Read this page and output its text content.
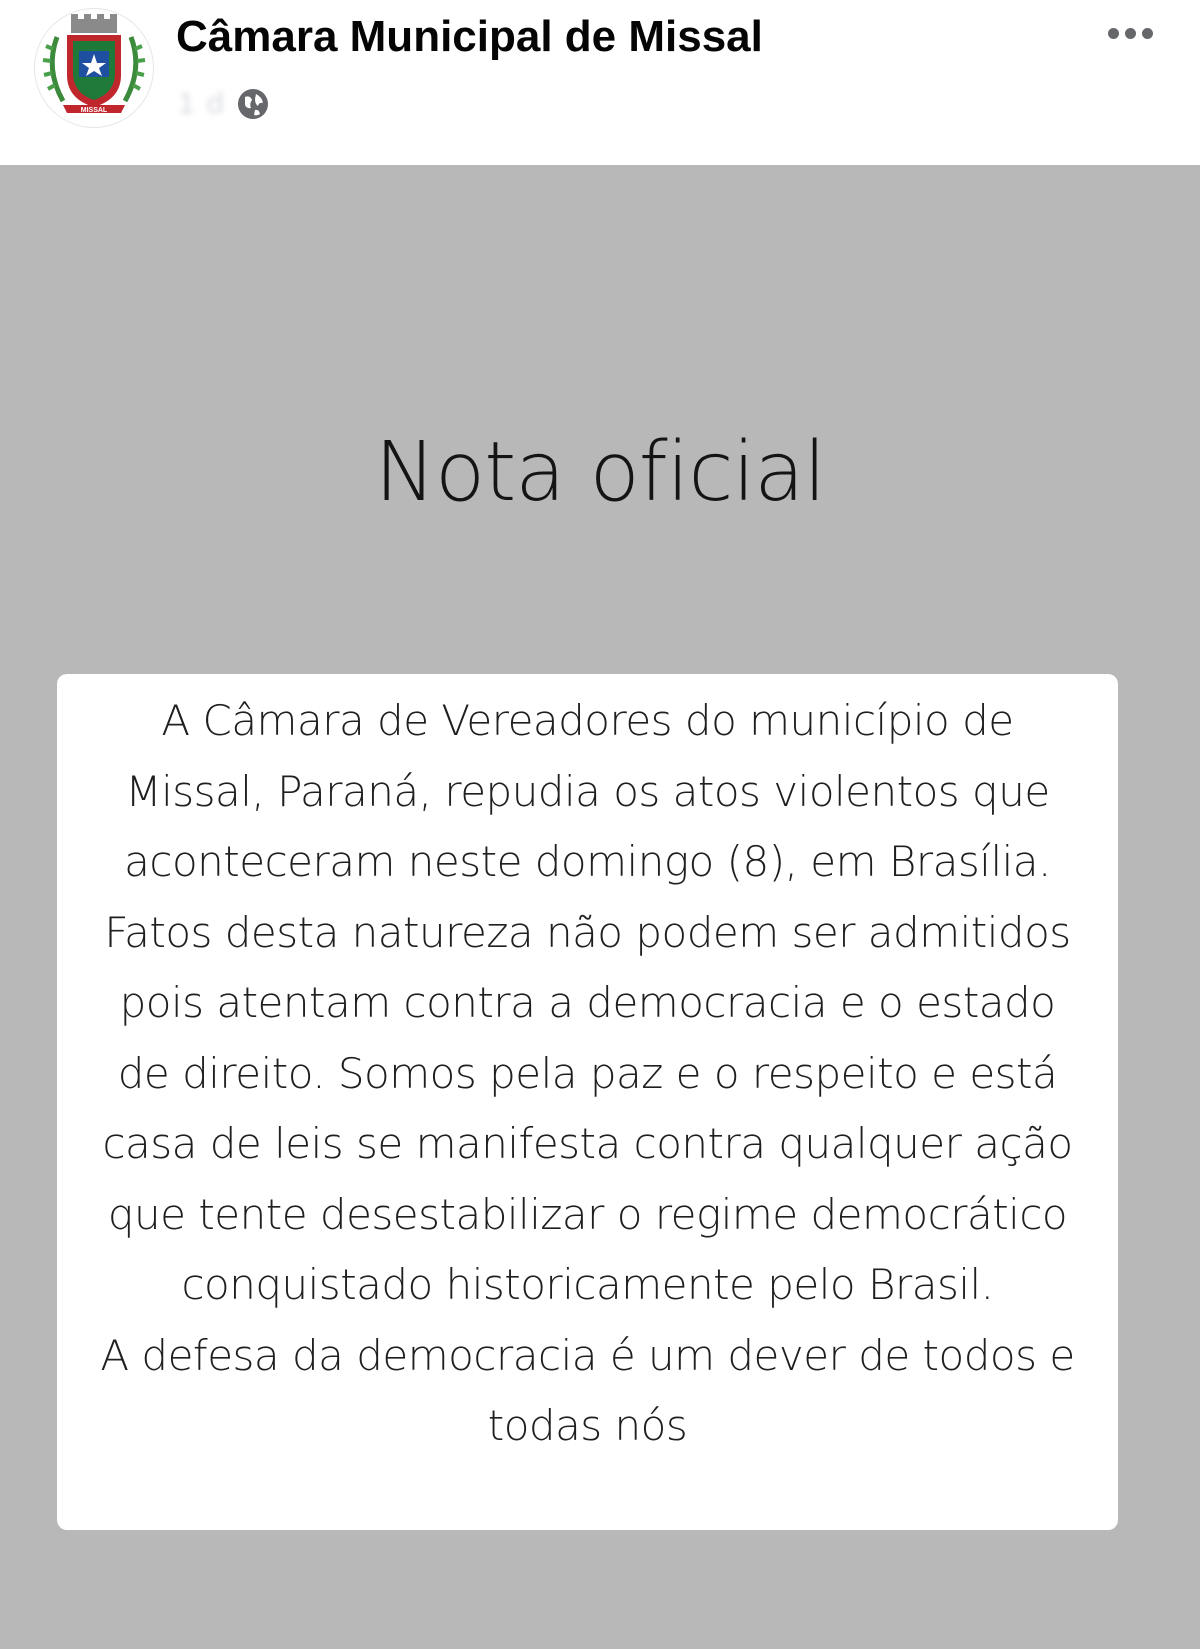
MISSAL
Câmara Municipal de Missal
1 d
Nota oficial
A Câmara de Vereadores do município de
Missal, Paraná, repudia os atos violentos que
aconteceram neste domingo (8), em Brasília.
Fatos desta natureza não podem ser admitidos
pois atentam contra a democracia e o estado
de direito. Somos pela paz e o respeito e está
casa de leis se manifesta contra qualquer ação
que tente desestabilizar o regime democrático
conquistado historicamente pelo Brasil.
A defesa da democracia é um dever de todos e
todas nós
